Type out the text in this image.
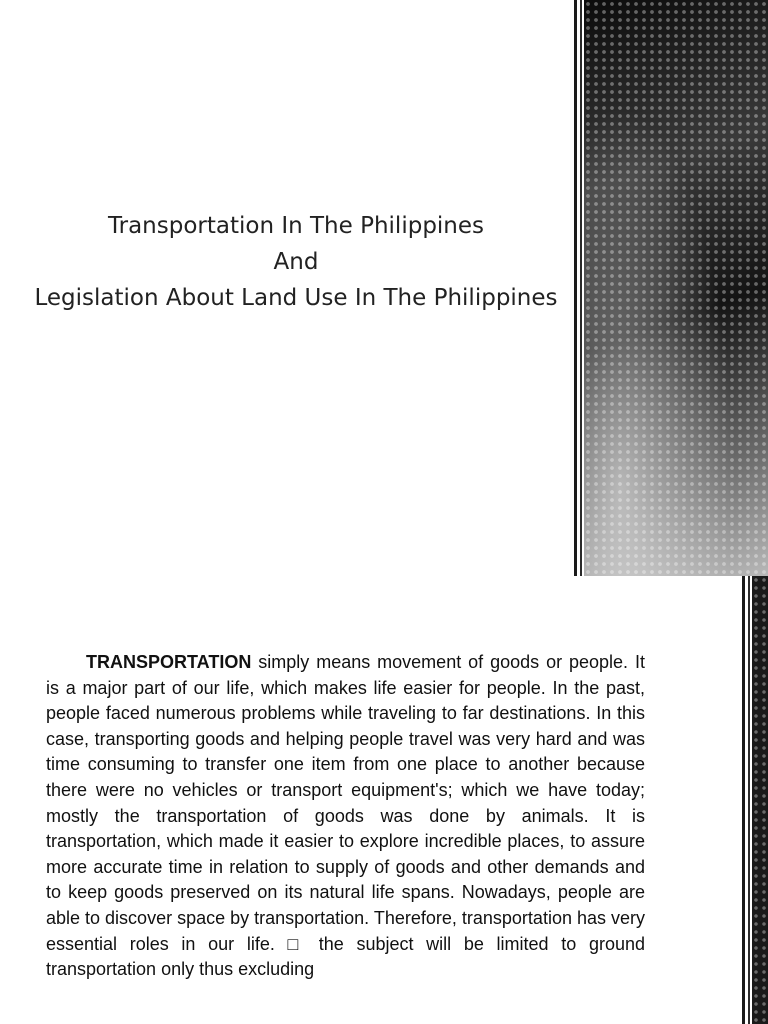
Transportation In The Philippines
And
Legislation About Land Use In The Philippines

TRANSPORTATION simply means movement of goods or people. It is a major part of our life, which makes life easier for people. In the past, people faced numerous problems while traveling to far destinations. In this case, transporting goods and helping people travel was very hard and was time consuming to transfer one item from one place to another because there were no vehicles or transport equipment's; which we have today; mostly the transportation of goods was done by animals. It is transportation, which made it easier to explore incredible places, to assure more accurate time in relation to supply of goods and other demands and to keep goods preserved on its natural life spans. Nowadays, people are able to discover space by transportation. Therefore, transportation has very essential roles in our life. □ the subject will be limited to ground transportation only thus excluding
